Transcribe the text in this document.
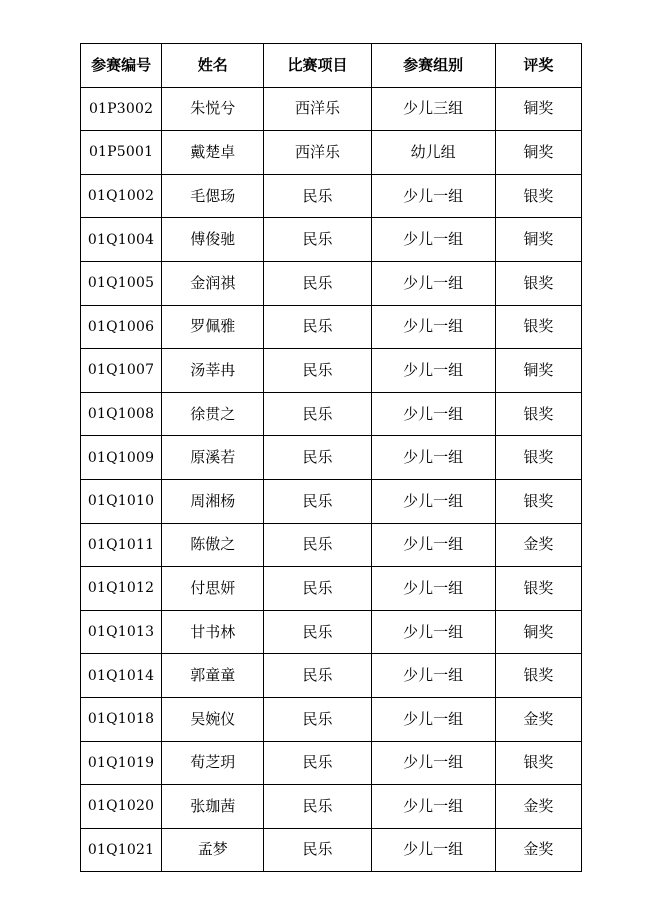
参赛编号	姓名	比赛项目	参赛组别	评奖
01P3002	朱悦兮	西洋乐	少儿三组	铜奖
01P5001	戴楚卓	西洋乐	幼儿组	铜奖
01Q1002	毛偲玚	民乐	少儿一组	银奖
01Q1004	傅俊驰	民乐	少儿一组	铜奖
01Q1005	金润祺	民乐	少儿一组	银奖
01Q1006	罗佩雅	民乐	少儿一组	银奖
01Q1007	汤莘冉	民乐	少儿一组	铜奖
01Q1008	徐贯之	民乐	少儿一组	银奖
01Q1009	原溪若	民乐	少儿一组	银奖
01Q1010	周湘杨	民乐	少儿一组	银奖
01Q1011	陈傲之	民乐	少儿一组	金奖
01Q1012	付思妍	民乐	少儿一组	银奖
01Q1013	甘书林	民乐	少儿一组	铜奖
01Q1014	郭童童	民乐	少儿一组	银奖
01Q1018	吴婉仪	民乐	少儿一组	金奖
01Q1019	荀芝玥	民乐	少儿一组	银奖
01Q1020	张珈茜	民乐	少儿一组	金奖
01Q1021	孟梦	民乐	少儿一组	金奖
